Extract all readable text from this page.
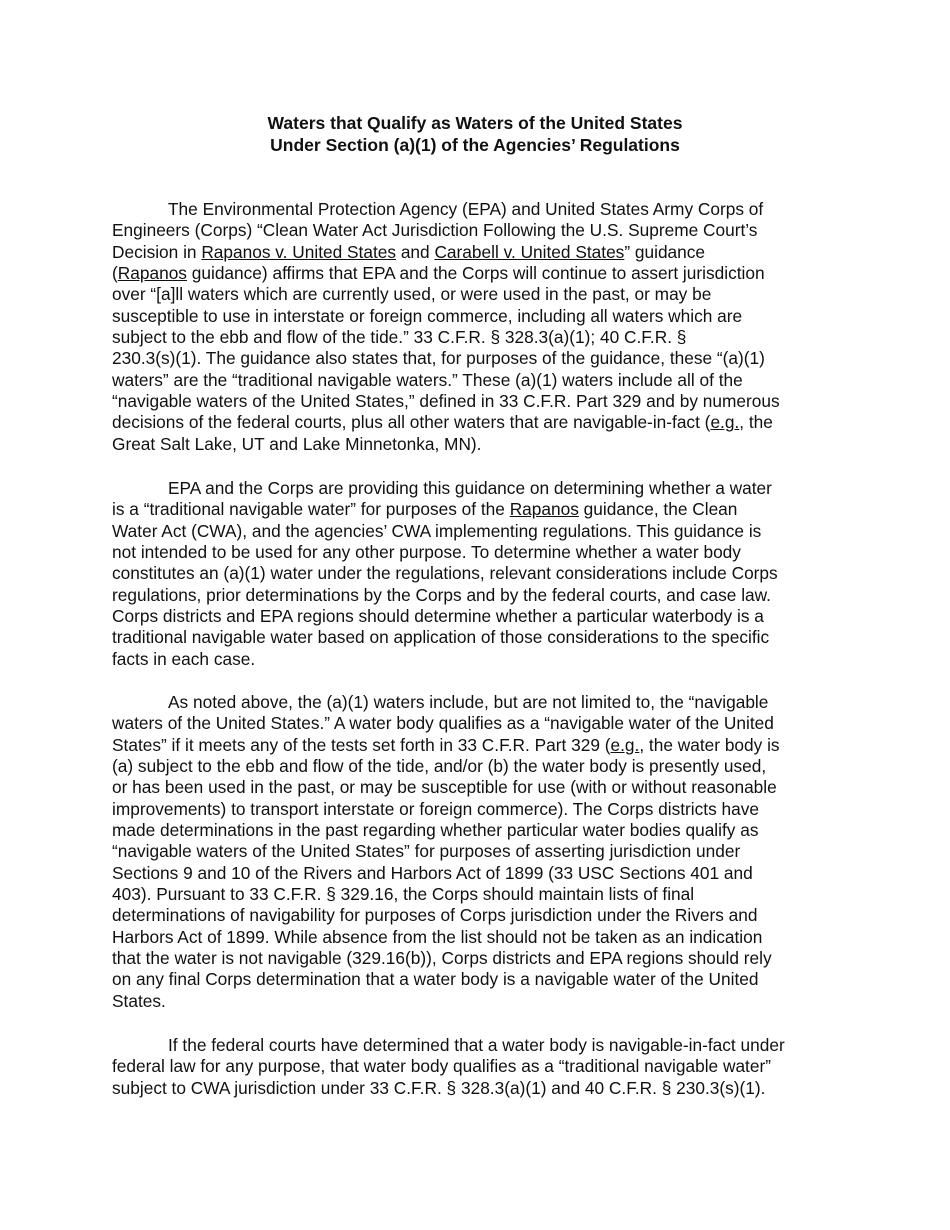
Waters that Qualify as Waters of the United States
Under Section (a)(1) of the Agencies’ Regulations
The Environmental Protection Agency (EPA) and United States Army Corps of
Engineers (Corps) “Clean Water Act Jurisdiction Following the U.S. Supreme Court’s
Decision in Rapanos v. United States and Carabell v. United States” guidance
(Rapanos guidance) affirms that EPA and the Corps will continue to assert jurisdiction
over “[a]ll waters which are currently used, or were used in the past, or may be
susceptible to use in interstate or foreign commerce, including all waters which are
subject to the ebb and flow of the tide.” 33 C.F.R. § 328.3(a)(1); 40 C.F.R. §
230.3(s)(1). The guidance also states that, for purposes of the guidance, these “(a)(1)
waters” are the “traditional navigable waters.” These (a)(1) waters include all of the
“navigable waters of the United States,” defined in 33 C.F.R. Part 329 and by numerous
decisions of the federal courts, plus all other waters that are navigable-in-fact (e.g., the
Great Salt Lake, UT and Lake Minnetonka, MN).
EPA and the Corps are providing this guidance on determining whether a water
is a “traditional navigable water” for purposes of the Rapanos guidance, the Clean
Water Act (CWA), and the agencies’ CWA implementing regulations. This guidance is
not intended to be used for any other purpose. To determine whether a water body
constitutes an (a)(1) water under the regulations, relevant considerations include Corps
regulations, prior determinations by the Corps and by the federal courts, and case law.
Corps districts and EPA regions should determine whether a particular waterbody is a
traditional navigable water based on application of those considerations to the specific
facts in each case.
As noted above, the (a)(1) waters include, but are not limited to, the “navigable
waters of the United States.” A water body qualifies as a “navigable water of the United
States” if it meets any of the tests set forth in 33 C.F.R. Part 329 (e.g., the water body is
(a) subject to the ebb and flow of the tide, and/or (b) the water body is presently used,
or has been used in the past, or may be susceptible for use (with or without reasonable
improvements) to transport interstate or foreign commerce). The Corps districts have
made determinations in the past regarding whether particular water bodies qualify as
“navigable waters of the United States” for purposes of asserting jurisdiction under
Sections 9 and 10 of the Rivers and Harbors Act of 1899 (33 USC Sections 401 and
403). Pursuant to 33 C.F.R. § 329.16, the Corps should maintain lists of final
determinations of navigability for purposes of Corps jurisdiction under the Rivers and
Harbors Act of 1899. While absence from the list should not be taken as an indication
that the water is not navigable (329.16(b)), Corps districts and EPA regions should rely
on any final Corps determination that a water body is a navigable water of the United
States.
If the federal courts have determined that a water body is navigable-in-fact under
federal law for any purpose, that water body qualifies as a “traditional navigable water”
subject to CWA jurisdiction under 33 C.F.R. § 328.3(a)(1) and 40 C.F.R. § 230.3(s)(1).
